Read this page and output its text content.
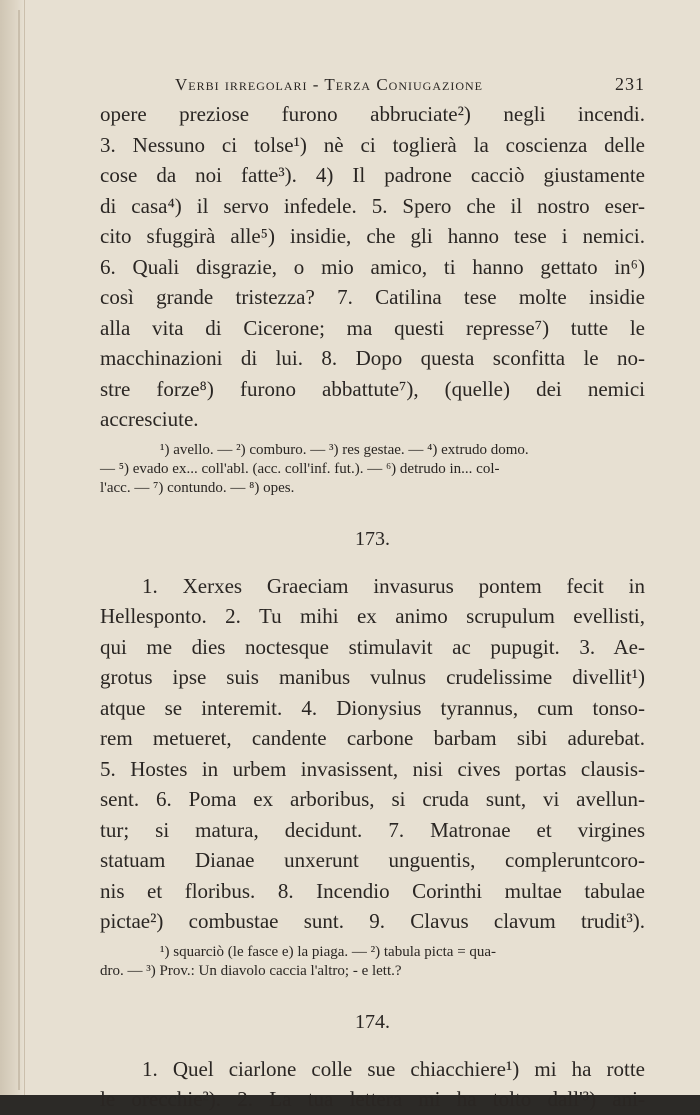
Verbi irregolari - Terza Coniugazione	231
opere preziose furono abbruciate²) negli incendi.
3. Nessuno ci tolse¹) nè ci toglierà la coscienza delle
cose da noi fatte³). 4) Il padrone cacciò giustamente
di casa⁴) il servo infedele. 5. Spero che il nostro eser-
cito sfuggirà alle⁵) insidie, che gli hanno tese i nemici.
6. Quali disgrazie, o mio amico, ti hanno gettato in⁶)
così grande tristezza? 7. Catilina tese molte insidie
alla vita di Cicerone; ma questi represse⁷) tutte le
macchinazioni di lui. 8. Dopo questa sconfitta le no-
stre forze⁸) furono abbattute⁷), (quelle) dei nemici
accresciute.
¹) avello. — ²) comburo. — ³) res gestae. — ⁴) extrudo domo.
— ⁵) evado ex... coll'abl. (acc. coll'inf. fut.). — ⁶) detrudo in... col-
l'acc. — ⁷) contundo. — ⁸) opes.
173.
1. Xerxes Graeciam invasurus pontem fecit in
Hellesponto. 2. Tu mihi ex animo scrupulum evellisti,
qui me dies noctesque stimulavit ac pupugit. 3. Ae-
grotus ipse suis manibus vulnus crudelissime divellit¹)
atque se interemit. 4. Dionysius tyrannus, cum tonso-
rem metueret, candente carbone barbam sibi adurebat.
5. Hostes in urbem invasissent, nisi cives portas clausis-
sent. 6. Poma ex arboribus, si cruda sunt, vi avellun-
tur; si matura, decidunt. 7. Matronae et virgines
statuam Dianae unxerunt unguentis, compleruntcoro-
nis et floribus. 8. Incendio Corinthi multae tabulae
pictae²) combustae sunt. 9. Clavus clavum trudit³).
¹) squarciò (le fasce e) la piaga. — ²) tabula picta = qua-
dro. — ³) Prov.: Un diavolo caccia l'altro; - e lett.?
174.
1. Quel ciarlone colle sue chiacchiere¹) mi ha rotte
le orecchie²). 2. La tua lettera mi ha tolto dall'³) ani-
